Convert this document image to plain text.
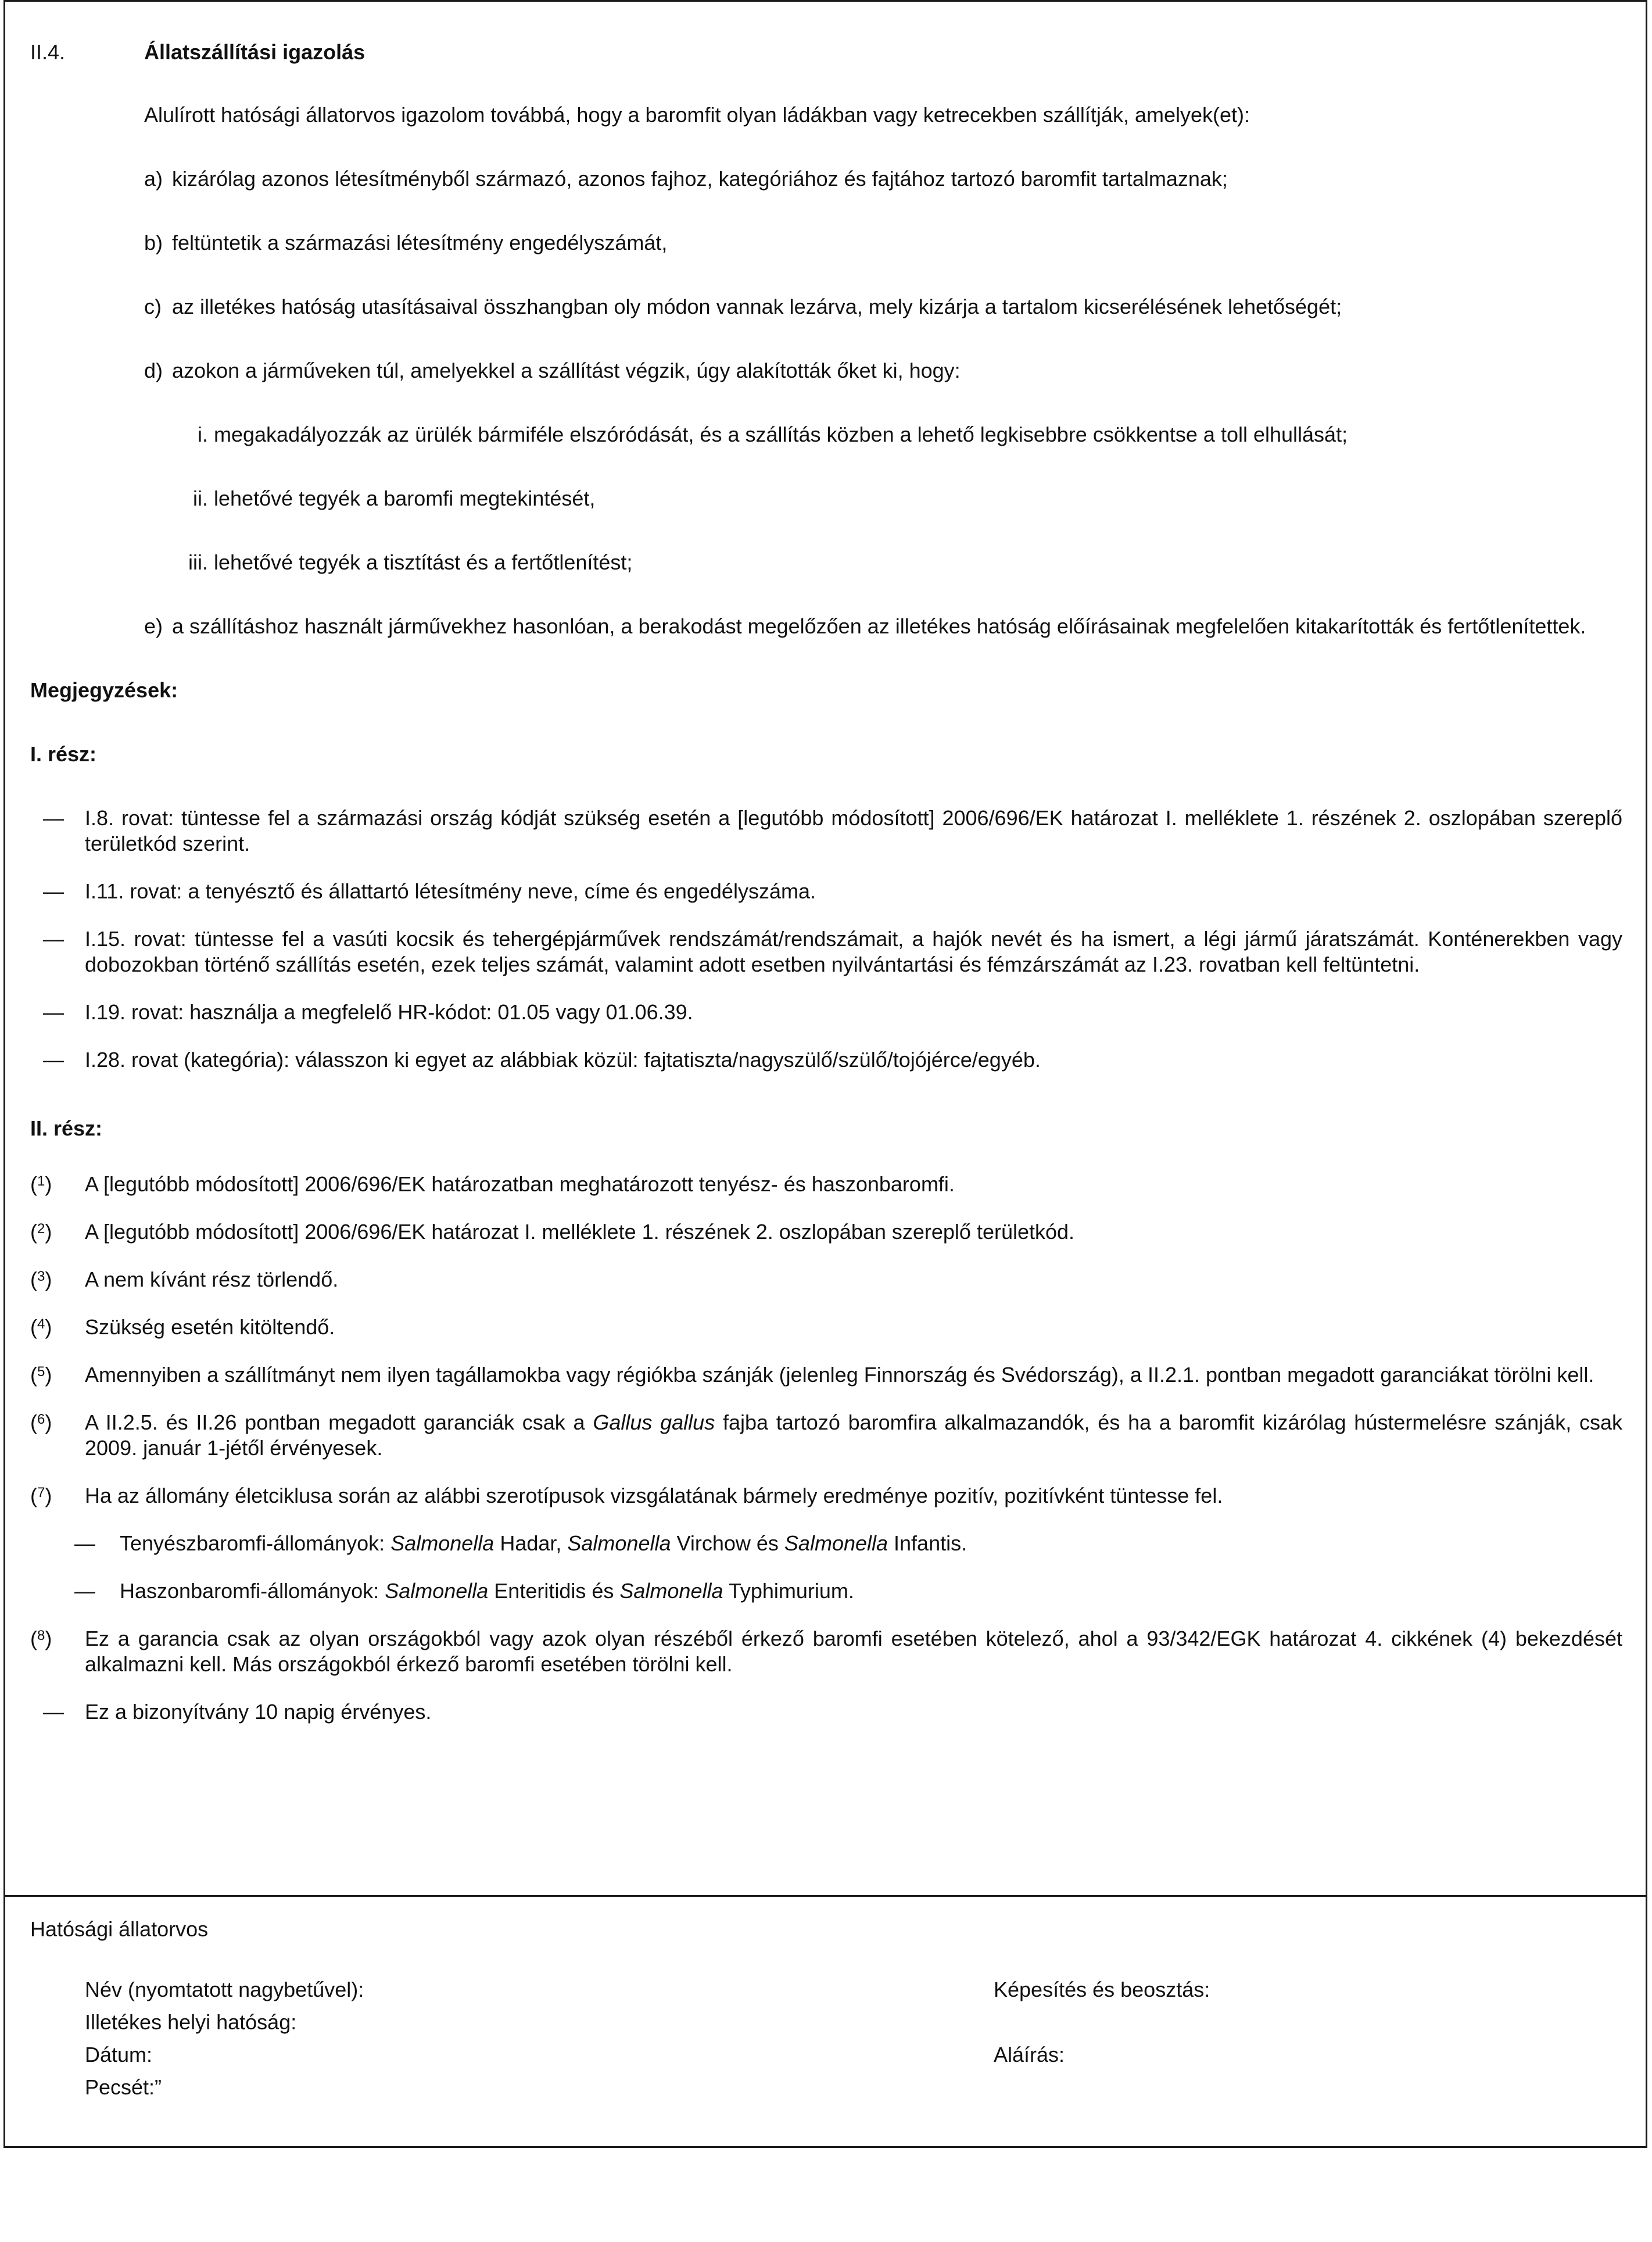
II.4.	Állatszállítási igazolás

Alulírott hatósági állatorvos igazolom továbbá, hogy a baromfit olyan ládákban vagy ketrecekben szállítják, amelyek(et):

a) kizárólag azonos létesítményből származó, azonos fajhoz, kategóriához és fajtához tartozó baromfit tartalmaznak;
b) feltüntetik a származási létesítmény engedélyszámát,
c) az illetékes hatóság utasításaival összhangban oly módon vannak lezárva, mely kizárja a tartalom kicserélésének lehetőségét;
d) azokon a járműveken túl, amelyekkel a szállítást végzik, úgy alakították őket ki, hogy:
i. megakadályozzák az ürülék bármiféle elszóródását, és a szállítás közben a lehető legkisebbre csökkentse a toll elhullását;
ii. lehetővé tegyék a baromfi megtekintését,
iii. lehetővé tegyék a tisztítást és a fertőtlenítést;
e) a szállításhoz használt járművekhez hasonlóan, a berakodást megelőzően az illetékes hatóság előírásainak megfelelően kitakarították és fertőtlenítettek.

Megjegyzések:

I. rész:

— I.8. rovat: tüntesse fel a származási ország kódját szükség esetén a [legutóbb módosított] 2006/696/EK határozat I. melléklete 1. részének 2. oszlopában szereplő területkód szerint.
— I.11. rovat: a tenyésztő és állattartó létesítmény neve, címe és engedélyszáma.
— I.15. rovat: tüntesse fel a vasúti kocsik és tehergépjárművek rendszámát/rendszámait, a hajók nevét és ha ismert, a légi jármű járatszámát. Konténerekben vagy dobozokban történő szállítás esetén, ezek teljes számát, valamint adott esetben nyilvántartási és fémzárszámát az I.23. rovatban kell feltüntetni.
— I.19. rovat: használja a megfelelő HR-kódot: 01.05 vagy 01.06.39.
— I.28. rovat (kategória): válasszon ki egyet az alábbiak közül: fajtatiszta/nagyszülő/szülő/tojójérce/egyéb.

II. rész:

($^1$) A [legutóbb módosított] 2006/696/EK határozatban meghatározott tenyész- és haszonbaromfi.
($^2$) A [legutóbb módosított] 2006/696/EK határozat I. melléklete 1. részének 2. oszlopában szereplő területkód.
($^3$) A nem kívánt rész törlendő.
($^4$) Szükség esetén kitöltendő.
($^5$) Amennyiben a szállítmányt nem ilyen tagállamokba vagy régiókba szánják (jelenleg Finnország és Svédország), a II.2.1. pontban megadott garanciákat törölni kell.
($^6$) A II.2.5. és II.26 pontban megadott garanciák csak a Gallus gallus fajba tartozó baromfira alkalmazandók, és ha a baromfit kizárólag hústermelésre szánják, csak 2009. január 1-jétől érvényesek.
($^7$) Ha az állomány életciklusa során az alábbi szerotípusok vizsgálatának bármely eredménye pozitív, pozitívként tüntesse fel.
— Tenyészbaromfi-állományok: Salmonella Hadar, Salmonella Virchow és Salmonella Infantis.
— Haszonbaromfi-állományok: Salmonella Enteritidis és Salmonella Typhimurium.
($^8$) Ez a garancia csak az olyan országokból vagy azok olyan részéből érkező baromfi esetében kötelező, ahol a 93/342/EGK határozat 4. cikkének (4) bekezdését alkalmazni kell. Más országokból érkező baromfi esetében törölni kell.
— Ez a bizonyítvány 10 napig érvényes.

Hatósági állatorvos

Név (nyomtatott nagybetűvel):	Képesítés és beosztás:
Illetékes helyi hatóság:
Dátum:	Aláírás:
Pecsét:”
